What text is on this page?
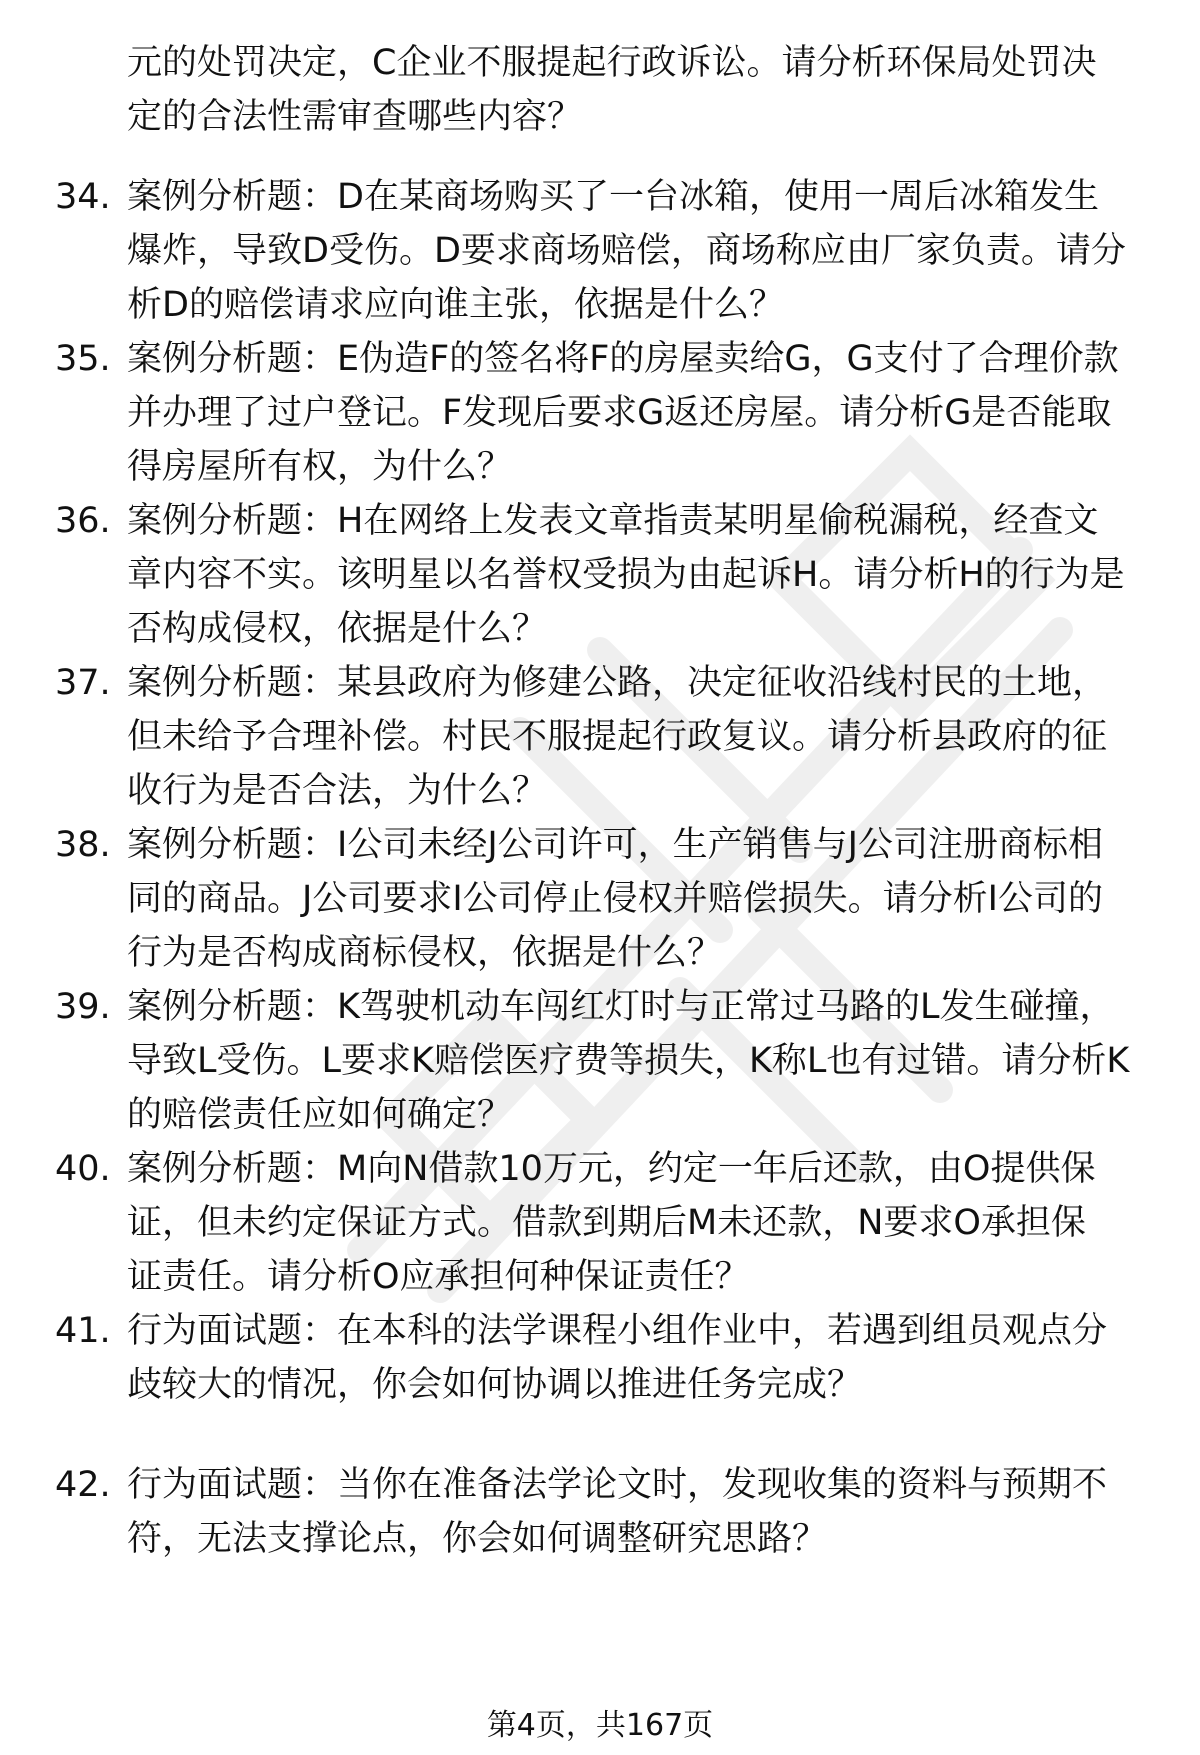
元的处罚决定，C企业不服提起行政诉讼。请分析环保局处罚决
定的合法性需审查哪些内容？
34. 案例分析题：D在某商场购买了一台冰箱，使用一周后冰箱发生
爆炸，导致D受伤。D要求商场赔偿，商场称应由厂家负责。请分
析D的赔偿请求应向谁主张，依据是什么？
35. 案例分析题：E伪造F的签名将F的房屋卖给G，G支付了合理价款
并办理了过户登记。F发现后要求G返还房屋。请分析G是否能取
得房屋所有权，为什么？
36. 案例分析题：H在网络上发表文章指责某明星偷税漏税，经查文
章内容不实。该明星以名誉权受损为由起诉H。请分析H的行为是
否构成侵权，依据是什么？
37. 案例分析题：某县政府为修建公路，决定征收沿线村民的土地，
但未给予合理补偿。村民不服提起行政复议。请分析县政府的征
收行为是否合法，为什么？
38. 案例分析题：I公司未经J公司许可，生产销售与J公司注册商标相
同的商品。J公司要求I公司停止侵权并赔偿损失。请分析I公司的
行为是否构成商标侵权，依据是什么？
39. 案例分析题：K驾驶机动车闯红灯时与正常过马路的L发生碰撞，
导致L受伤。L要求K赔偿医疗费等损失，K称L也有过错。请分析K
的赔偿责任应如何确定？
40. 案例分析题：M向N借款10万元，约定一年后还款，由O提供保
证，但未约定保证方式。借款到期后M未还款，N要求O承担保
证责任。请分析O应承担何种保证责任？
41. 行为面试题：在本科的法学课程小组作业中，若遇到组员观点分
歧较大的情况，你会如何协调以推进任务完成？
42. 行为面试题：当你在准备法学论文时，发现收集的资料与预期不
符，无法支撑论点，你会如何调整研究思路？
第4页，共167页
